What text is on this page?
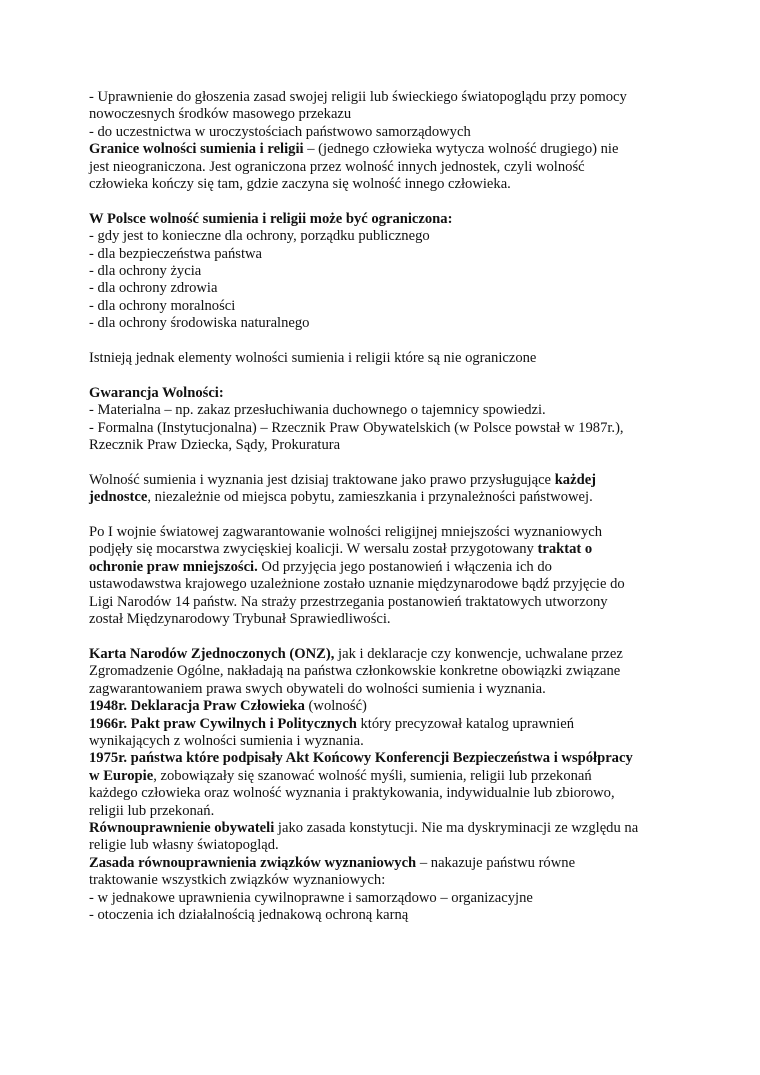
- Uprawnienie do głoszenia zasad swojej religii lub świeckiego światopoglądu przy pomocy
nowoczesnych środków masowego przekazu
- do uczestnictwa w uroczystościach państwowo samorządowych
Granice wolności sumienia i religii – (jednego człowieka wytycza wolność drugiego) nie
jest nieograniczona. Jest ograniczona przez wolność innych jednostek, czyli wolność
człowieka kończy się tam, gdzie zaczyna się wolność innego człowieka.
W Polsce wolność sumienia i religii może być ograniczona:
- gdy jest to konieczne dla ochrony, porządku publicznego
- dla bezpieczeństwa państwa
- dla ochrony życia
- dla ochrony zdrowia
- dla ochrony moralności
- dla ochrony środowiska naturalnego
Istnieją jednak elementy wolności sumienia i religii które są nie ograniczone
Gwarancja Wolności:
- Materialna – np. zakaz przesłuchiwania duchownego o tajemnicy spowiedzi.
- Formalna (Instytucjonalna) – Rzecznik Praw Obywatelskich (w Polsce powstał w 1987r.),
Rzecznik Praw Dziecka, Sądy, Prokuratura
Wolność sumienia i wyznania jest dzisiaj traktowane jako prawo przysługujące każdej
jednostce, niezależnie od miejsca pobytu, zamieszkania i przynależności państwowej.
Po I wojnie światowej zagwarantowanie wolności religijnej mniejszości wyznaniowych
podjęły się mocarstwa zwycięskiej koalicji. W wersalu został przygotowany traktat o
ochronie praw mniejszości. Od przyjęcia jego postanowień i włączenia ich do
ustawodawstwa krajowego uzależnione zostało uznanie międzynarodowe bądź przyjęcie do
Ligi Narodów 14 państw. Na straży przestrzegania postanowień traktatowych utworzony
został Międzynarodowy Trybunał Sprawiedliwości.
Karta Narodów Zjednoczonych (ONZ), jak i deklaracje czy konwencje, uchwalane przez
Zgromadzenie Ogólne, nakładają na państwa członkowskie konkretne obowiązki związane
zagwarantowaniem prawa swych obywateli do wolności sumienia i wyznania.
1948r. Deklaracja Praw Człowieka (wolność)
1966r. Pakt praw Cywilnych i Politycznych który precyzował katalog uprawnień
wynikających z wolności sumienia i wyznania.
1975r. państwa które podpisały Akt Końcowy Konferencji Bezpieczeństwa i współpracy
w Europie, zobowiązały się szanować wolność myśli, sumienia, religii lub przekonań
każdego człowieka oraz wolność wyznania i praktykowania, indywidualnie lub zbiorowo,
religii lub przekonań.
Równouprawnienie obywateli jako zasada konstytucji. Nie ma dyskryminacji ze względu na
religie lub własny światopogląd.
Zasada równouprawnienia związków wyznaniowych – nakazuje państwu równe
traktowanie wszystkich związków wyznaniowych:
- w jednakowe uprawnienia cywilnoprawne i samorządowo – organizacyjne
- otoczenia ich działalnością jednakową ochroną karną
